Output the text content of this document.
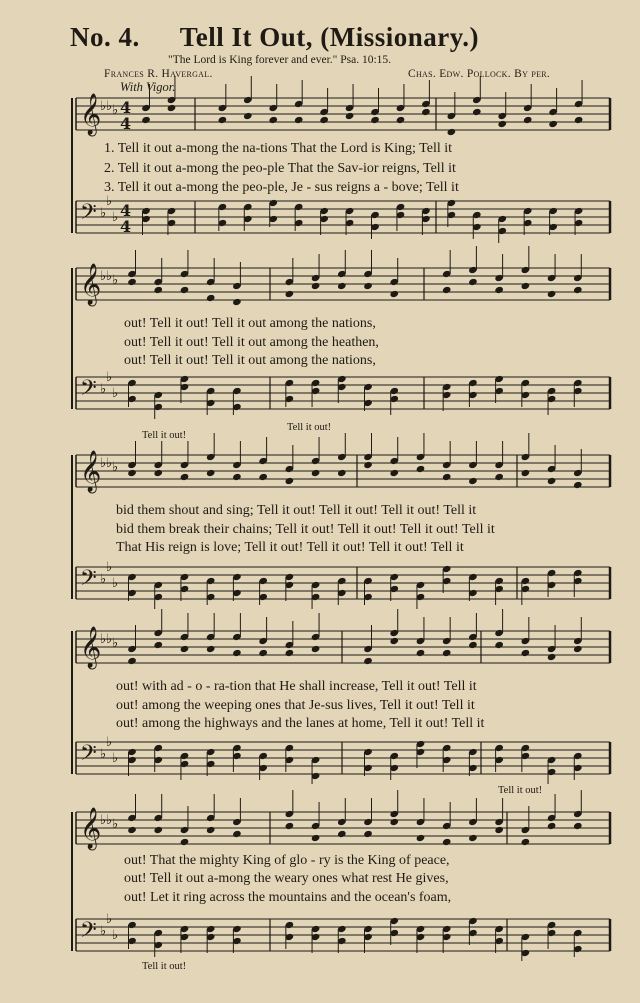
No. 4. Tell It Out, (Missionary.)
"The Lord is King forever and ever." Psa. 10:15.
Frances R. Havergal.	Chas. Edw. Pollock. By per.
With Vigor.
𝄞
♭ ♭ ♭ 4
4
𝄢 ♭
♭
♭ 4
4
𝄞
♭ ♭ ♭
𝄢 ♭
♭
♭
𝄞
♭ ♭ ♭
𝄢 ♭
♭
♭
𝄞
♭ ♭ ♭
𝄢 ♭
♭
♭
𝄞
♭ ♭ ♭
𝄢 ♭
♭
♭
1. Tell it out a-mong the na-tions That the Lord is King; Tell it
2. Tell it out a-mong the peo-ple That the Sav-ior reigns, Tell it
3. Tell it out a-mong the peo-ple, Je - sus reigns a - bove; Tell it
out! Tell it out! Tell it out among the nations,
out! Tell it out! Tell it out among the heathen,
out! Tell it out! Tell it out among the nations,
Tell it out!
Tell it out!
bid them shout and sing; Tell it out! Tell it out! Tell it out! Tell it
bid them break their chains; Tell it out! Tell it out! Tell it out! Tell it
That His reign is love; Tell it out! Tell it out! Tell it out! Tell it
out! with ad - o - ra-tion that He shall increase, Tell it out! Tell it
out! among the weeping ones that Je-sus lives, Tell it out! Tell it
out! among the highways and the lanes at home, Tell it out! Tell it
Tell it out!
out! That the mighty King of glo - ry is the King of peace,
out! Tell it out a-mong the weary ones what rest He gives,
out! Let it ring across the mountains and the ocean's foam,
Tell it out!
